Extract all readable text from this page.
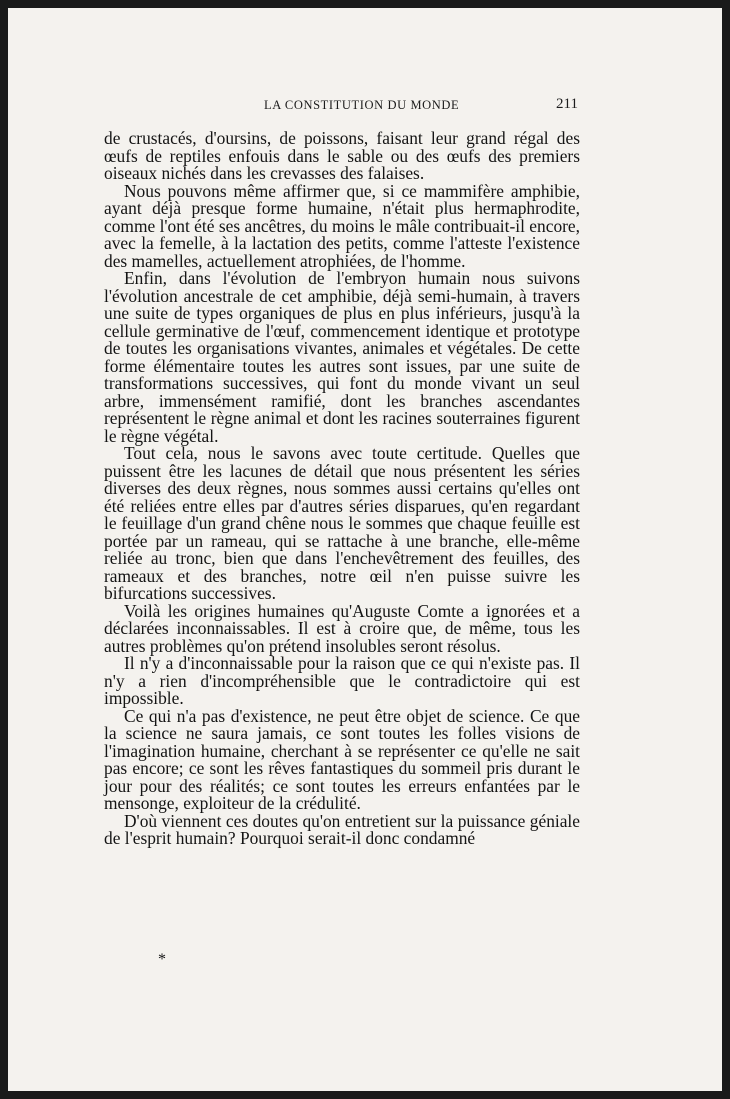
LA CONSTITUTION DU MONDE	211

de crustacés, d'oursins, de poissons, faisant leur grand régal des œufs de reptiles enfouis dans le sable ou des œufs des premiers oiseaux nichés dans les crevasses des falaises.

Nous pouvons même affirmer que, si ce mammifère amphibie, ayant déjà presque forme humaine, n'était plus hermaphrodite, comme l'ont été ses ancêtres, du moins le mâle contribuait-il encore, avec la femelle, à la lactation des petits, comme l'atteste l'existence des mamelles, actuellement atrophiées, de l'homme.

Enfin, dans l'évolution de l'embryon humain nous suivons l'évolution ancestrale de cet amphibie, déjà semi-humain, à travers une suite de types organiques de plus en plus inférieurs, jusqu'à la cellule germinative de l'œuf, commencement identique et prototype de toutes les organisations vivantes, animales et végétales. De cette forme élémentaire toutes les autres sont issues, par une suite de transformations successives, qui font du monde vivant un seul arbre, immensément ramifié, dont les branches ascendantes représentent le règne animal et dont les racines souterraines figurent le règne végétal.

Tout cela, nous le savons avec toute certitude. Quelles que puissent être les lacunes de détail que nous présentent les séries diverses des deux règnes, nous sommes aussi certains qu'elles ont été reliées entre elles par d'autres séries disparues, qu'en regardant le feuillage d'un grand chêne nous le sommes que chaque feuille est portée par un rameau, qui se rattache à une branche, elle-même reliée au tronc, bien que dans l'enchevêtrement des feuilles, des rameaux et des branches, notre œil n'en puisse suivre les bifurcations successives.

Voilà les origines humaines qu'Auguste Comte a ignorées et a déclarées inconnaissables. Il est à croire que, de même, tous les autres problèmes qu'on prétend insolubles seront résolus.

Il n'y a d'inconnaissable pour la raison que ce qui n'existe pas. Il n'y a rien d'incompréhensible que le contradictoire qui est impossible.

Ce qui n'a pas d'existence, ne peut être objet de science. Ce que la science ne saura jamais, ce sont toutes les folles visions de l'imagination humaine, cherchant à se représenter ce qu'elle ne sait pas encore; ce sont les rêves fantastiques du sommeil pris durant le jour pour des réalités; ce sont toutes les erreurs enfantées par le mensonge, exploiteur de la crédulité.

D'où viennent ces doutes qu'on entretient sur la puissance géniale de l'esprit humain? Pourquoi serait-il donc condamné

*
